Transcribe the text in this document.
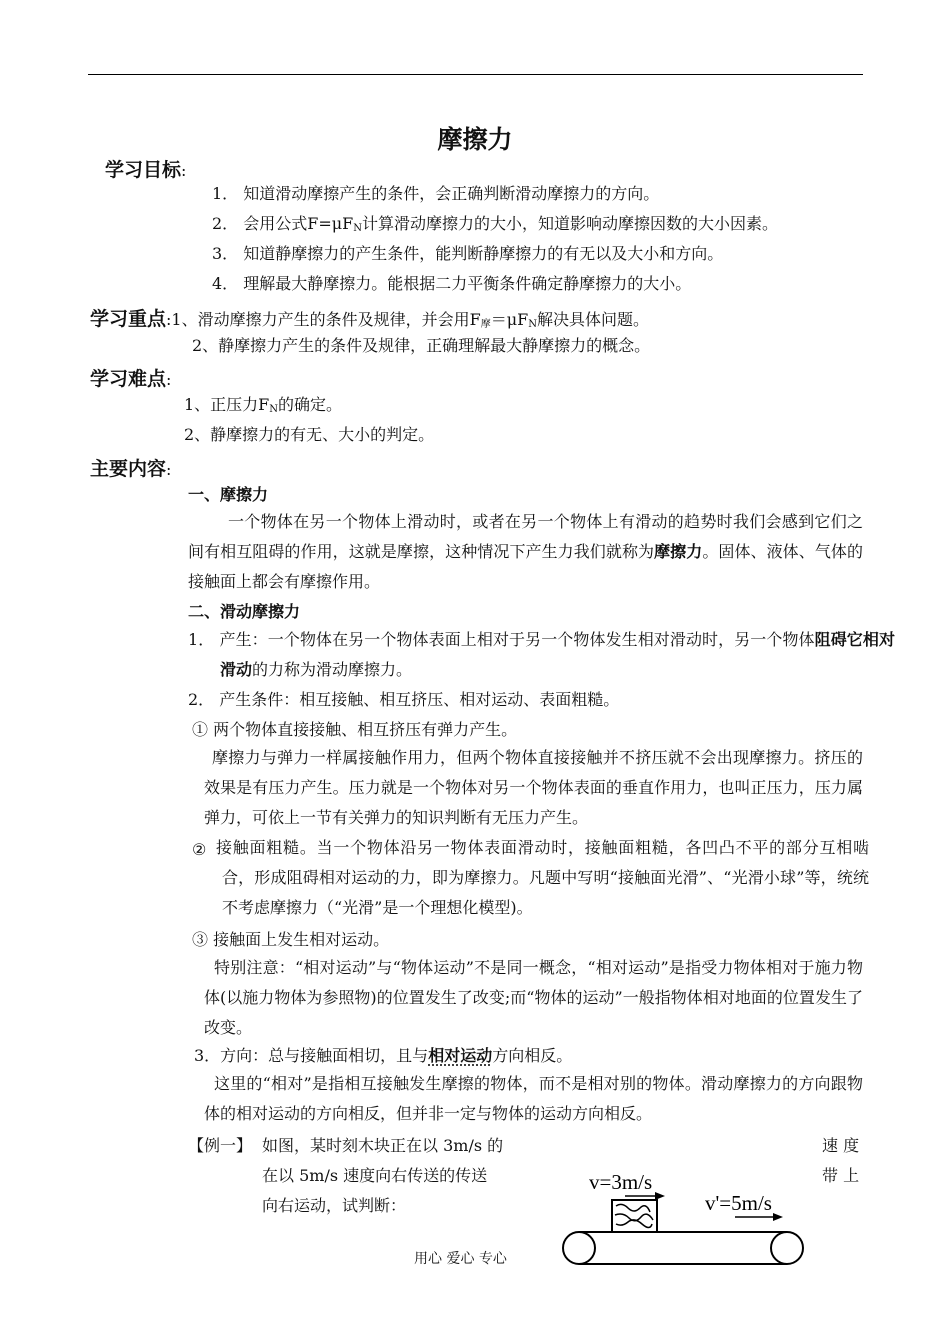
摩擦力
学习目标:
1． 知道滑动摩擦产生的条件，会正确判断滑动摩擦力的方向。
2． 会用公式$F=\mu F_N$计算滑动摩擦力的大小，知道影响动摩擦因数的大小因素。
3． 知道静摩擦力的产生条件，能判断静摩擦力的有无以及大小和方向。
4． 理解最大静摩擦力。能根据二力平衡条件确定静摩擦力的大小。
学习重点:1、滑动摩擦力产生的条件及规律，并会用$F_摩=\mu F_N$解决具体问题。
2、静摩擦力产生的条件及规律，正确理解最大静摩擦力的概念。
学习难点:
1、正压力$F_N$的确定。
2、静摩擦力的有无、大小的判定。
主要内容:
一、摩擦力
一个物体在另一个物体上滑动时，或者在另一个物体上有滑动的趋势时我们会感到它们之间有相互阻碍的作用，这就是摩擦，这种情况下产生力我们就称为摩擦力。固体、液体、气体的接触面上都会有摩擦作用。
二、滑动摩擦力
1． 产生：一个物体在另一个物体表面上相对于另一个物体发生相对滑动时，另一个物体阻碍它相对滑动的力称为滑动摩擦力。
2． 产生条件：相互接触、相互挤压、相对运动、表面粗糙。
① 两个物体直接接触、相互挤压有弹力产生。
摩擦力与弹力一样属接触作用力，但两个物体直接接触并不挤压就不会出现摩擦力。挤压的效果是有压力产生。压力就是一个物体对另一个物体表面的垂直作用力，也叫正压力，压力属弹力，可依上一节有关弹力的知识判断有无压力产生。
② 接触面粗糙。当一个物体沿另一物体表面滑动时，接触面粗糙，各凹凸不平的部分互相啮合，形成阻碍相对运动的力，即为摩擦力。凡题中写明“接触面光滑”、“光滑小球”等，统统不考虑摩擦力（“光滑”是一个理想化模型)。
③ 接触面上发生相对运动。
特别注意：“相对运动”与“物体运动”不是同一概念，“相对运动”是指受力物体相对于施力物体(以施力物体为参照物)的位置发生了改变;而“物体的运动”一般指物体相对地面的位置发生了改变。
3．方向：总与接触面相切，且与相对运动方向相反。
这里的“相对”是指相互接触发生摩擦的物体，而不是相对别的物体。滑动摩擦力的方向跟物体的相对运动的方向相反，但并非一定与物体的运动方向相反。
【例一】 如图，某时刻木块正在以 3m/s 的	速 度
在以 5m/s 速度向右传送的传送	带 上
向右运动，试判断：
v=3m/s
v'=5m/s
用心 爱心 专心
